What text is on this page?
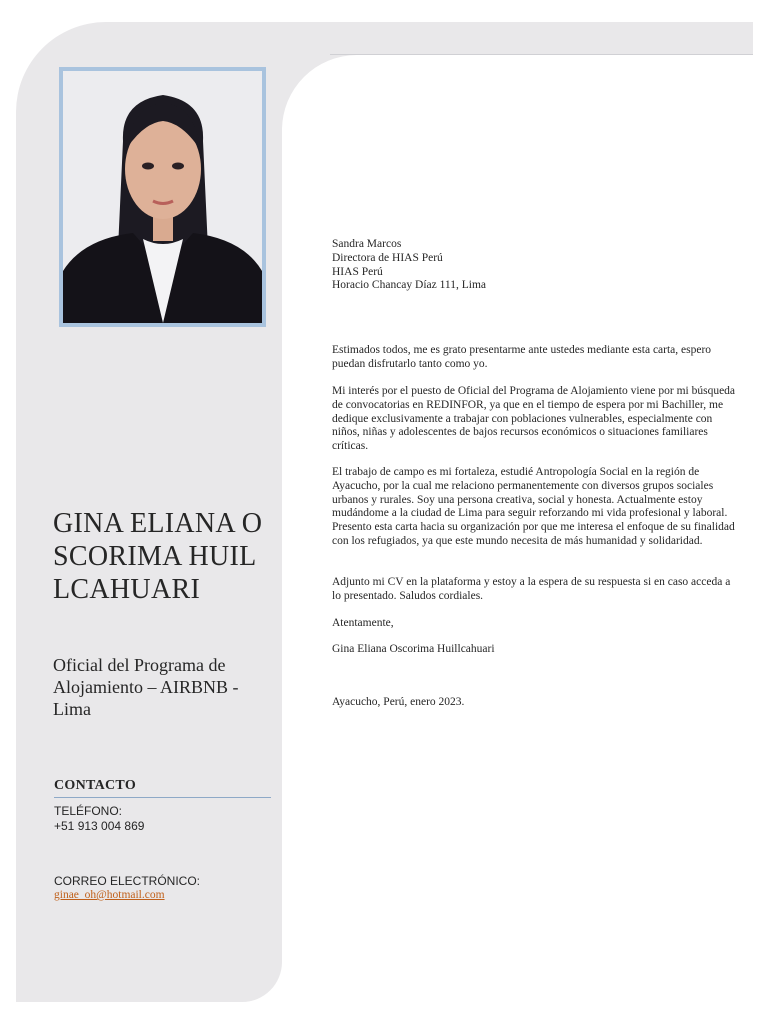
GINA ELIANA OSCORIMA HUILLCAHUARI
Oficial del Programa de Alojamiento – AIRBNB - Lima
CONTACTO
TELÉFONO:
+51 913 004 869
CORREO ELECTRÓNICO:
ginae_oh@hotmail.com

Sandra Marcos

Directora de HIAS Perú

HIAS Perú

Horacio Chancay Díaz 111, Lima

Estimados todos, me es grato presentarme ante ustedes mediante esta carta, espero puedan disfrutarlo tanto como yo.
Mi interés por el puesto de Oficial del Programa de Alojamiento viene por mi búsqueda de convocatorias en REDINFOR, ya que en el tiempo de espera por mi Bachiller, me dedique exclusivamente a trabajar con poblaciones vulnerables, especialmente con niños, niñas y adolescentes de bajos recursos económicos o situaciones familiares críticas.
El trabajo de campo es mi fortaleza, estudié Antropología Social en la región de Ayacucho, por la cual me relaciono permanentemente con diversos grupos sociales urbanos y rurales. Soy una persona creativa, social y honesta. Actualmente estoy mudándome a la ciudad de Lima para seguir reforzando mi vida profesional y laboral. Presento esta carta hacia su organización por que me interesa el enfoque de su finalidad con los refugiados, ya que este mundo necesita de más humanidad y solidaridad.
Adjunto mi CV en la plataforma y estoy a la espera de su respuesta si en caso acceda a lo presentado. Saludos cordiales.
Atentamente,
Gina Eliana Oscorima Huillcahuari
Ayacucho, Perú, enero 2023.
